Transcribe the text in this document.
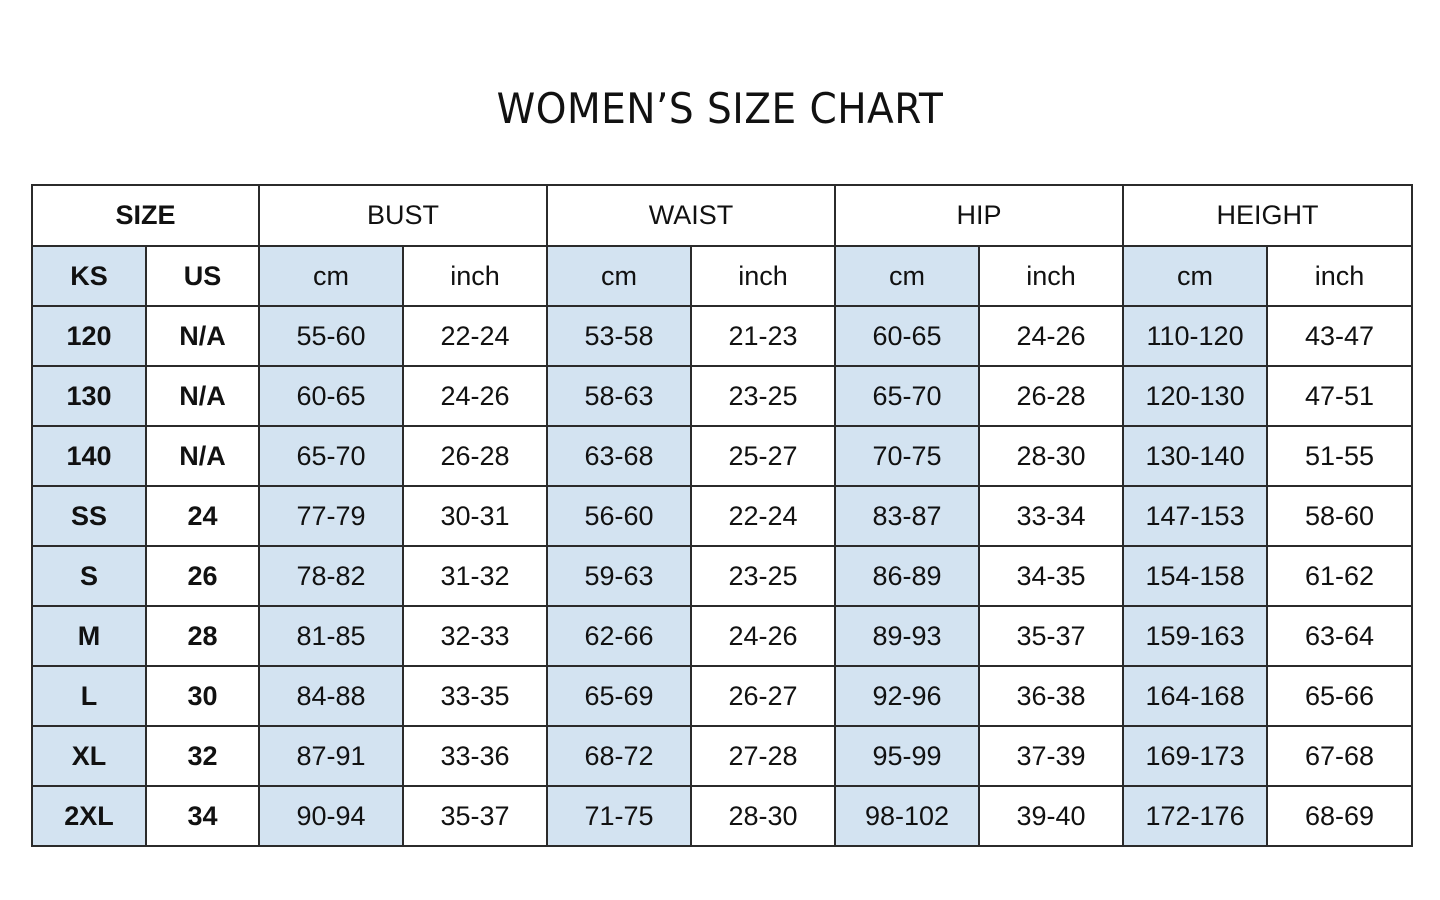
WOMEN’S SIZE CHART
SIZE		BUST		WAIST		HIP		HEIGHT	
KS	US	cm	inch	cm	inch	cm	inch	cm	inch
120	N/A	55-60	22-24	53-58	21-23	60-65	24-26	110-120	43-47
130	N/A	60-65	24-26	58-63	23-25	65-70	26-28	120-130	47-51
140	N/A	65-70	26-28	63-68	25-27	70-75	28-30	130-140	51-55
SS	24	77-79	30-31	56-60	22-24	83-87	33-34	147-153	58-60
S	26	78-82	31-32	59-63	23-25	86-89	34-35	154-158	61-62
M	28	81-85	32-33	62-66	24-26	89-93	35-37	159-163	63-64
L	30	84-88	33-35	65-69	26-27	92-96	36-38	164-168	65-66
XL	32	87-91	33-36	68-72	27-28	95-99	37-39	169-173	67-68
2XL	34	90-94	35-37	71-75	28-30	98-102	39-40	172-176	68-69
